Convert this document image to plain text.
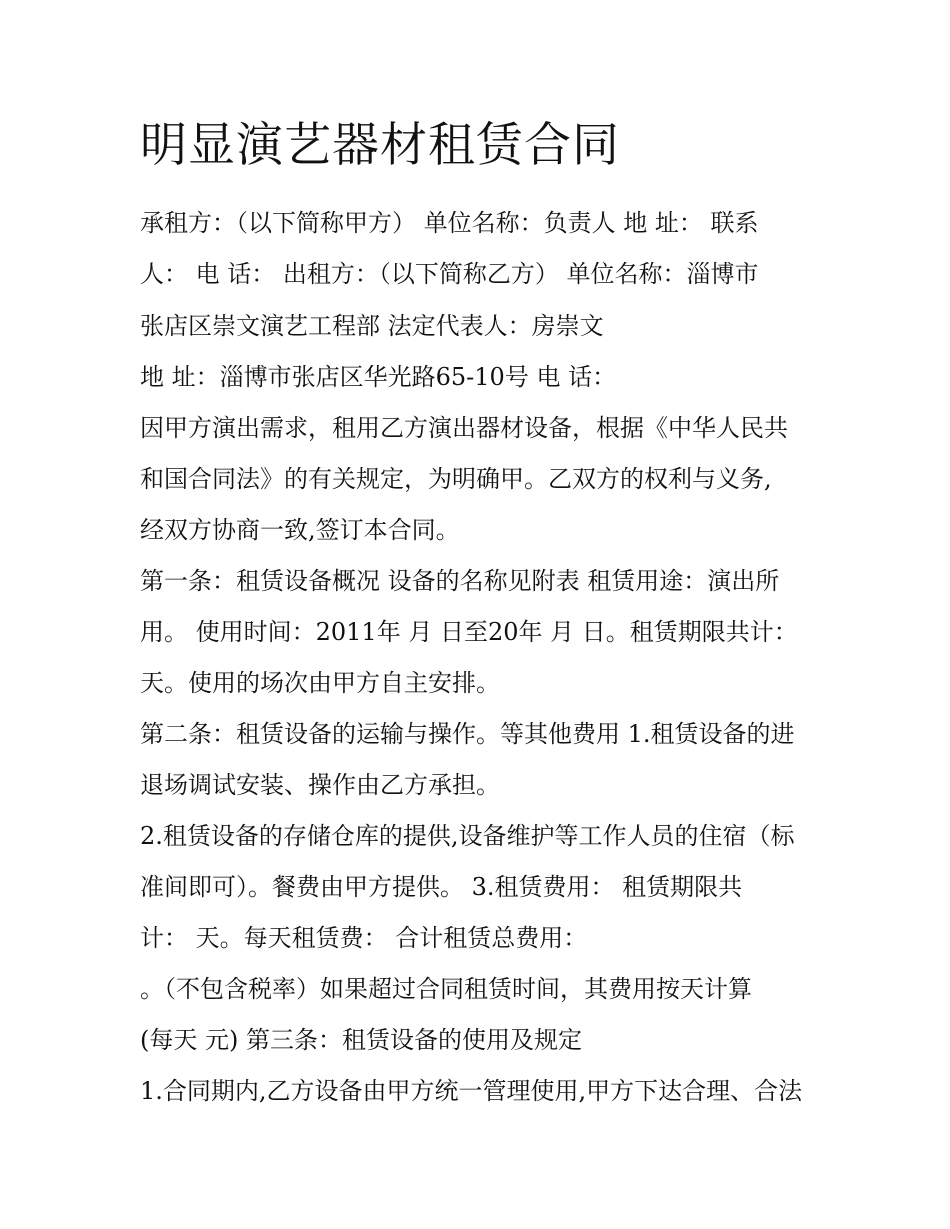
明显演艺器材租赁合同
承租方：（以下简称甲方） 单位名称：负责人 地 址： 联系
人： 电 话： 出租方：（以下简称乙方） 单位名称：淄博市
张店区崇文演艺工程部 法定代表人：房崇文
地 址：淄博市张店区华光路65-10号 电 话：
因甲方演出需求，租用乙方演出器材设备，根据《中华人民共
和国合同法》的有关规定，为明确甲。乙双方的权利与义务,
经双方协商一致,签订本合同。
第一条：租赁设备概况 设备的名称见附表 租赁用途：演出所
用。 使用时间：2011年 月 日至20年 月 日。租赁期限共计：
天。使用的场次由甲方自主安排。
第二条：租赁设备的运输与操作。等其他费用 1.租赁设备的进
退场调试安装、操作由乙方承担。
2.租赁设备的存储仓库的提供,设备维护等工作人员的住宿（标
准间即可）。餐费由甲方提供。 3.租赁费用： 租赁期限共
计： 天。每天租赁费： 合计租赁总费用：
。（不包含税率）如果超过合同租赁时间，其费用按天计算
(每天 元) 第三条：租赁设备的使用及规定
1.合同期内,乙方设备由甲方统一管理使用,甲方下达合理、合法
